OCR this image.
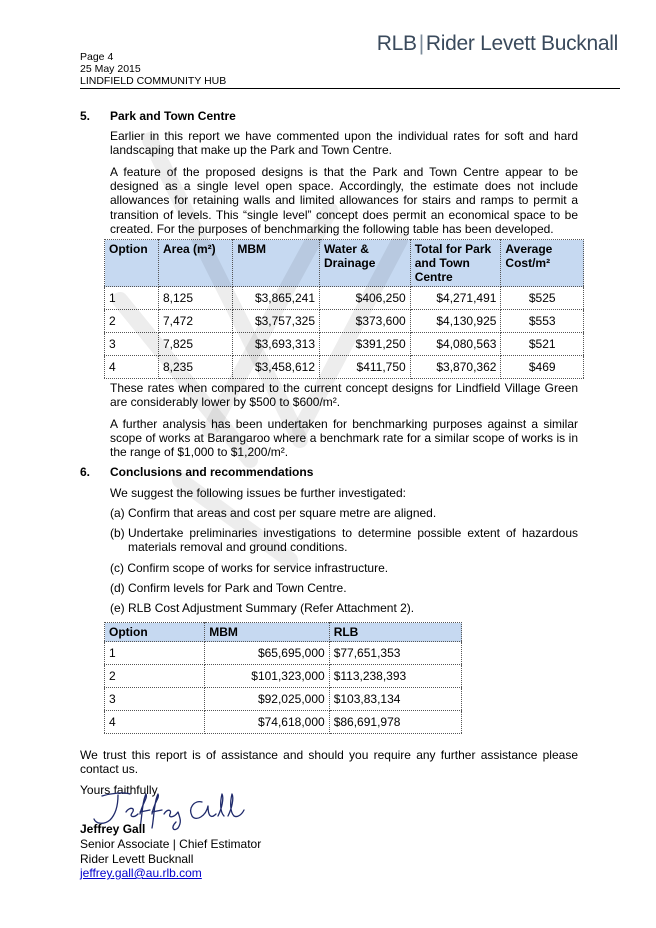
Page 4
25 May 2015
LINDFIELD COMMUNITY HUB
RLB|Rider Levett Bucknall
5. Park and Town Centre

Earlier in this report we have commented upon the individual rates for soft and hard landscaping that make up the Park and Town Centre.

A feature of the proposed designs is that the Park and Town Centre appear to be designed as a single level open space. Accordingly, the estimate does not include allowances for retaining walls and limited allowances for stairs and ramps to permit a transition of levels. This “single level” concept does permit an economical space to be created. For the purposes of benchmarking the following table has been developed.

Option	Area (m²)	MBM	Water & Drainage	Total for Park and Town Centre	Average Cost/m²
1	8,125	$3,865,241	$406,250	$4,271,491	$525
2	7,472	$3,757,325	$373,600	$4,130,925	$553
3	7,825	$3,693,313	$391,250	$4,080,563	$521
4	8,235	$3,458,612	$411,750	$3,870,362	$469

These rates when compared to the current concept designs for Lindfield Village Green are considerably lower by $500 to $600/m².

A further analysis has been undertaken for benchmarking purposes against a similar scope of works at Barangaroo where a benchmark rate for a similar scope of works is in the range of $1,000 to $1,200/m².

6. Conclusions and recommendations

We suggest the following issues be further investigated:

(a) Confirm that areas and cost per square metre are aligned.
(b) Undertake preliminaries investigations to determine possible extent of hazardous materials removal and ground conditions.

(c) Confirm scope of works for service infrastructure.
(d) Confirm levels for Park and Town Centre.
(e) RLB Cost Adjustment Summary (Refer Attachment 2).
Option	MBM	RLB
1	$65,695,000	$77,651,353
2	$101,323,000	$113,238,393
3	$92,025,000	$103,83,134
4	$74,618,000	$86,691,978

We trust this report is of assistance and should you require any further assistance please contact us.

Yours faithfully
Jeffrey Gall
Senior Associate | Chief Estimator
Rider Levett Bucknall
jeffrey.gall@au.rlb.com
